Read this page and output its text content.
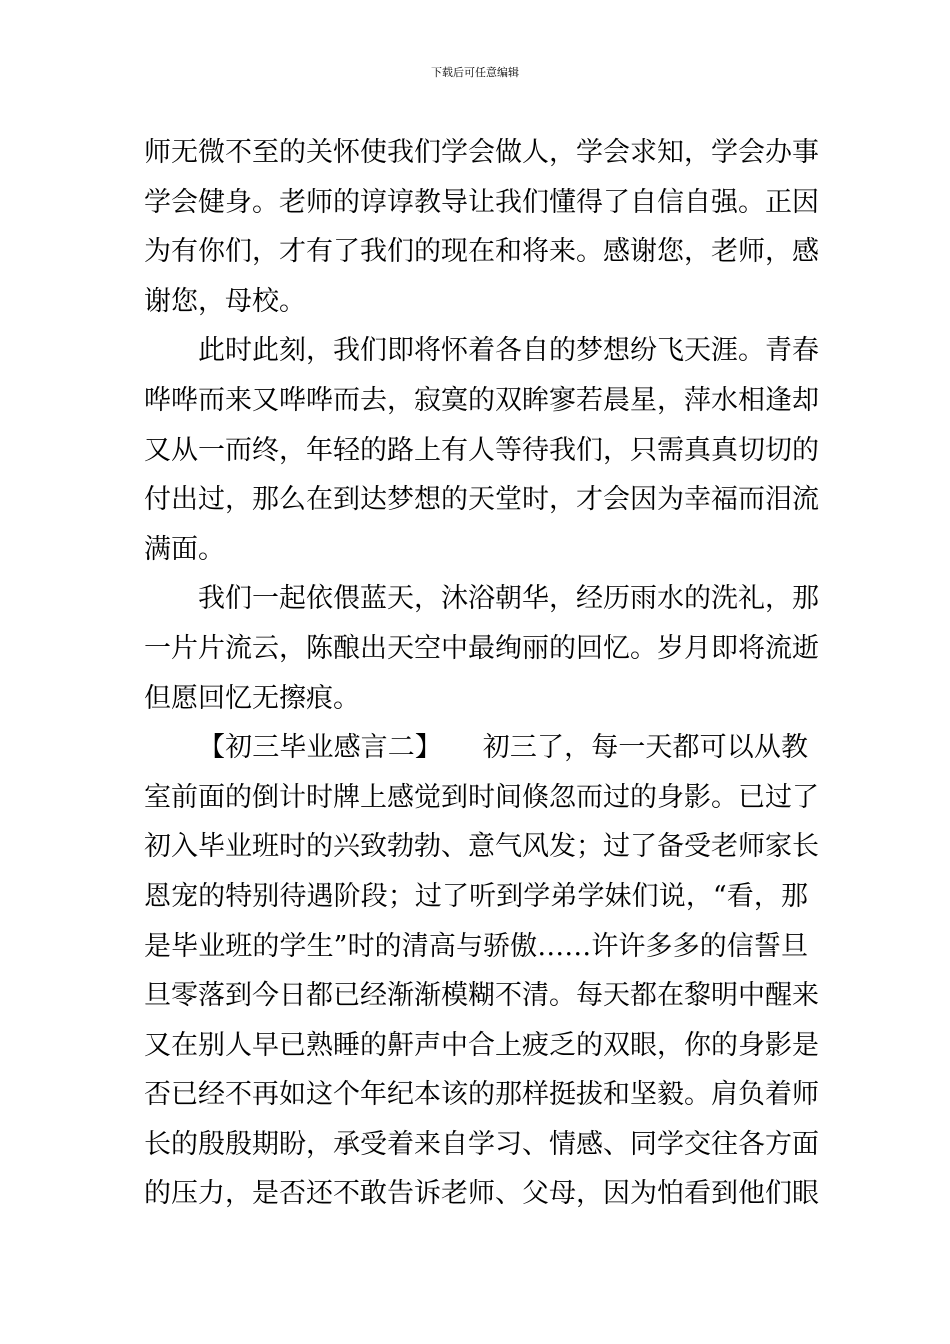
下载后可任意编辑
师无微不至的关怀使我们学会做人，学会求知，学会办事
学会健身。老师的谆谆教导让我们懂得了自信自强。正因
为有你们，才有了我们的现在和将来。感谢您，老师，感
谢您，母校。
此时此刻，我们即将怀着各自的梦想纷飞天涯。青春
哗哗而来又哗哗而去，寂寞的双眸寥若晨星，萍水相逢却
又从一而终，年轻的路上有人等待我们，只需真真切切的
付出过，那么在到达梦想的天堂时，才会因为幸福而泪流
满面。
我们一起依偎蓝天，沐浴朝华，经历雨水的洗礼，那
一片片流云，陈酿出天空中最绚丽的回忆。岁月即将流逝
但愿回忆无擦痕。
【初三毕业感言二】　　初三了，每一天都可以从教
室前面的倒计时牌上感觉到时间倏忽而过的身影。已过了
初入毕业班时的兴致勃勃、意气风发；过了备受老师家长
恩宠的特别待遇阶段；过了听到学弟学妹们说，“看，那
是毕业班的学生”时的清高与骄傲……许许多多的信誓旦
旦零落到今日都已经渐渐模糊不清。每天都在黎明中醒来
又在别人早已熟睡的鼾声中合上疲乏的双眼，你的身影是
否已经不再如这个年纪本该的那样挺拔和坚毅。肩负着师
长的殷殷期盼，承受着来自学习、情感、同学交往各方面
的压力，是否还不敢告诉老师、父母，因为怕看到他们眼
